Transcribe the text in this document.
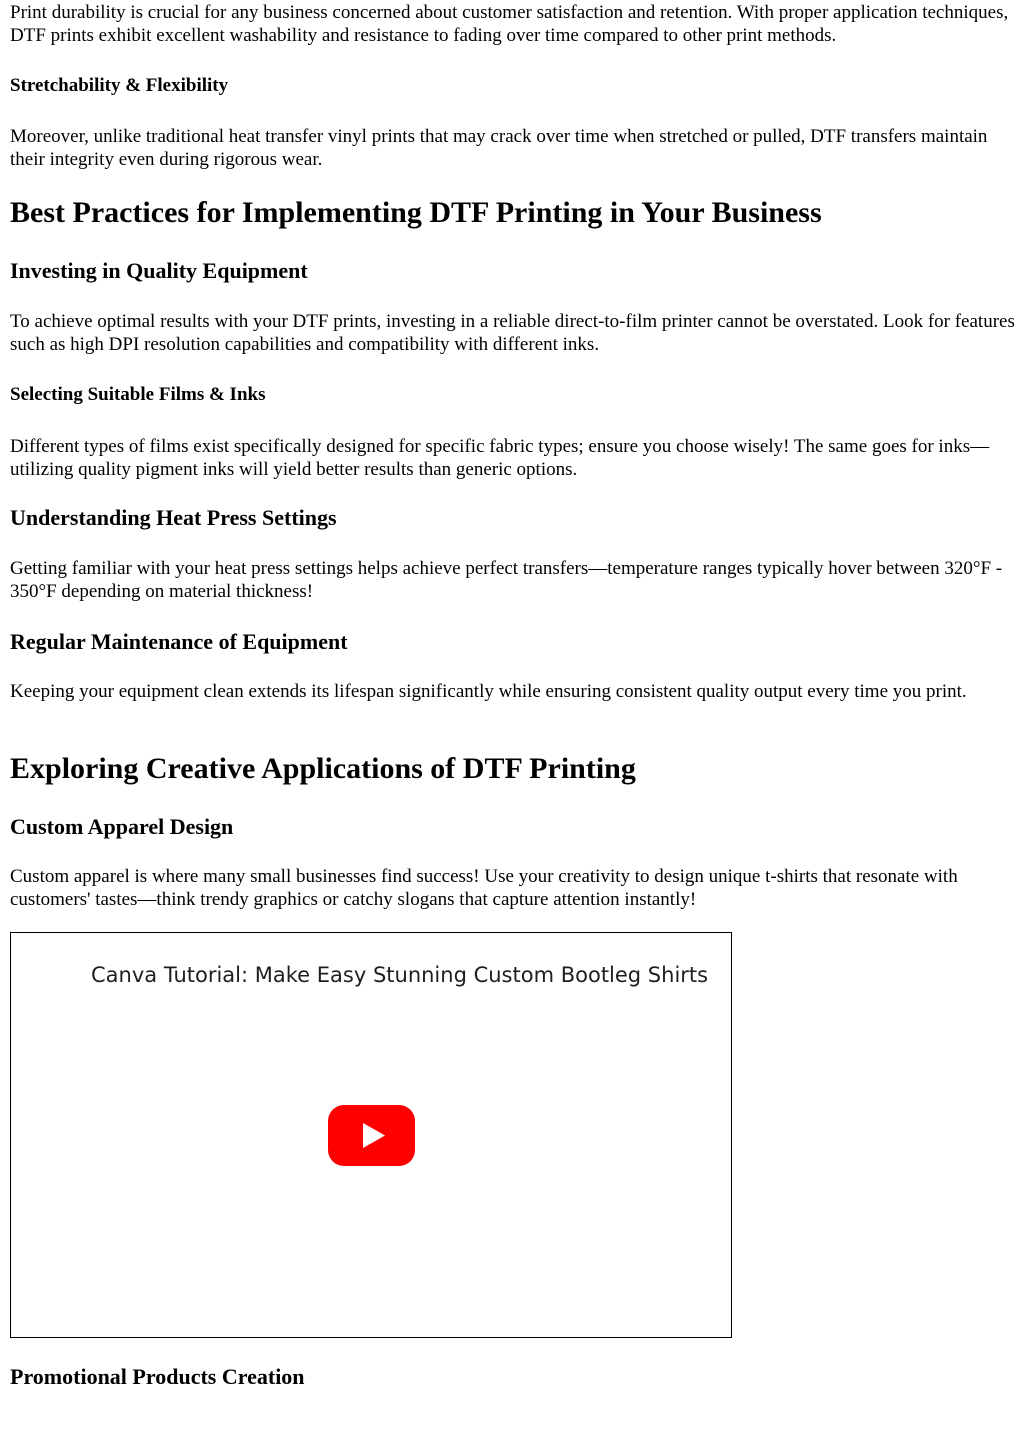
Print durability is crucial for any business concerned about customer satisfaction and retention. With proper application techniques, DTF prints exhibit excellent washability and resistance to fading over time compared to other print methods.

Stretchability & Flexibility

Moreover, unlike traditional heat transfer vinyl prints that may crack over time when stretched or pulled, DTF transfers maintain their integrity even during rigorous wear.

Best Practices for Implementing DTF Printing in Your Business
Investing in Quality Equipment

To achieve optimal results with your DTF prints, investing in a reliable direct-to-film printer cannot be overstated. Look for features such as high DPI resolution capabilities and compatibility with different inks.

Selecting Suitable Films & Inks

Different types of films exist specifically designed for specific fabric types; ensure you choose wisely! The same goes for inks—utilizing quality pigment inks will yield better results than generic options.

Understanding Heat Press Settings

Getting familiar with your heat press settings helps achieve perfect transfers—temperature ranges typically hover between 320°F - 350°F depending on material thickness!

Regular Maintenance of Equipment

Keeping your equipment clean extends its lifespan significantly while ensuring consistent quality output every time you print.

Exploring Creative Applications of DTF Printing
Custom Apparel Design

Custom apparel is where many small businesses find success! Use your creativity to design unique t-shirts that resonate with customers' tastes—think trendy graphics or catchy slogans that capture attention instantly!

Promotional Products Creation
Canva Tutorial: Make Easy Stunning Custom Bootleg Shirts
